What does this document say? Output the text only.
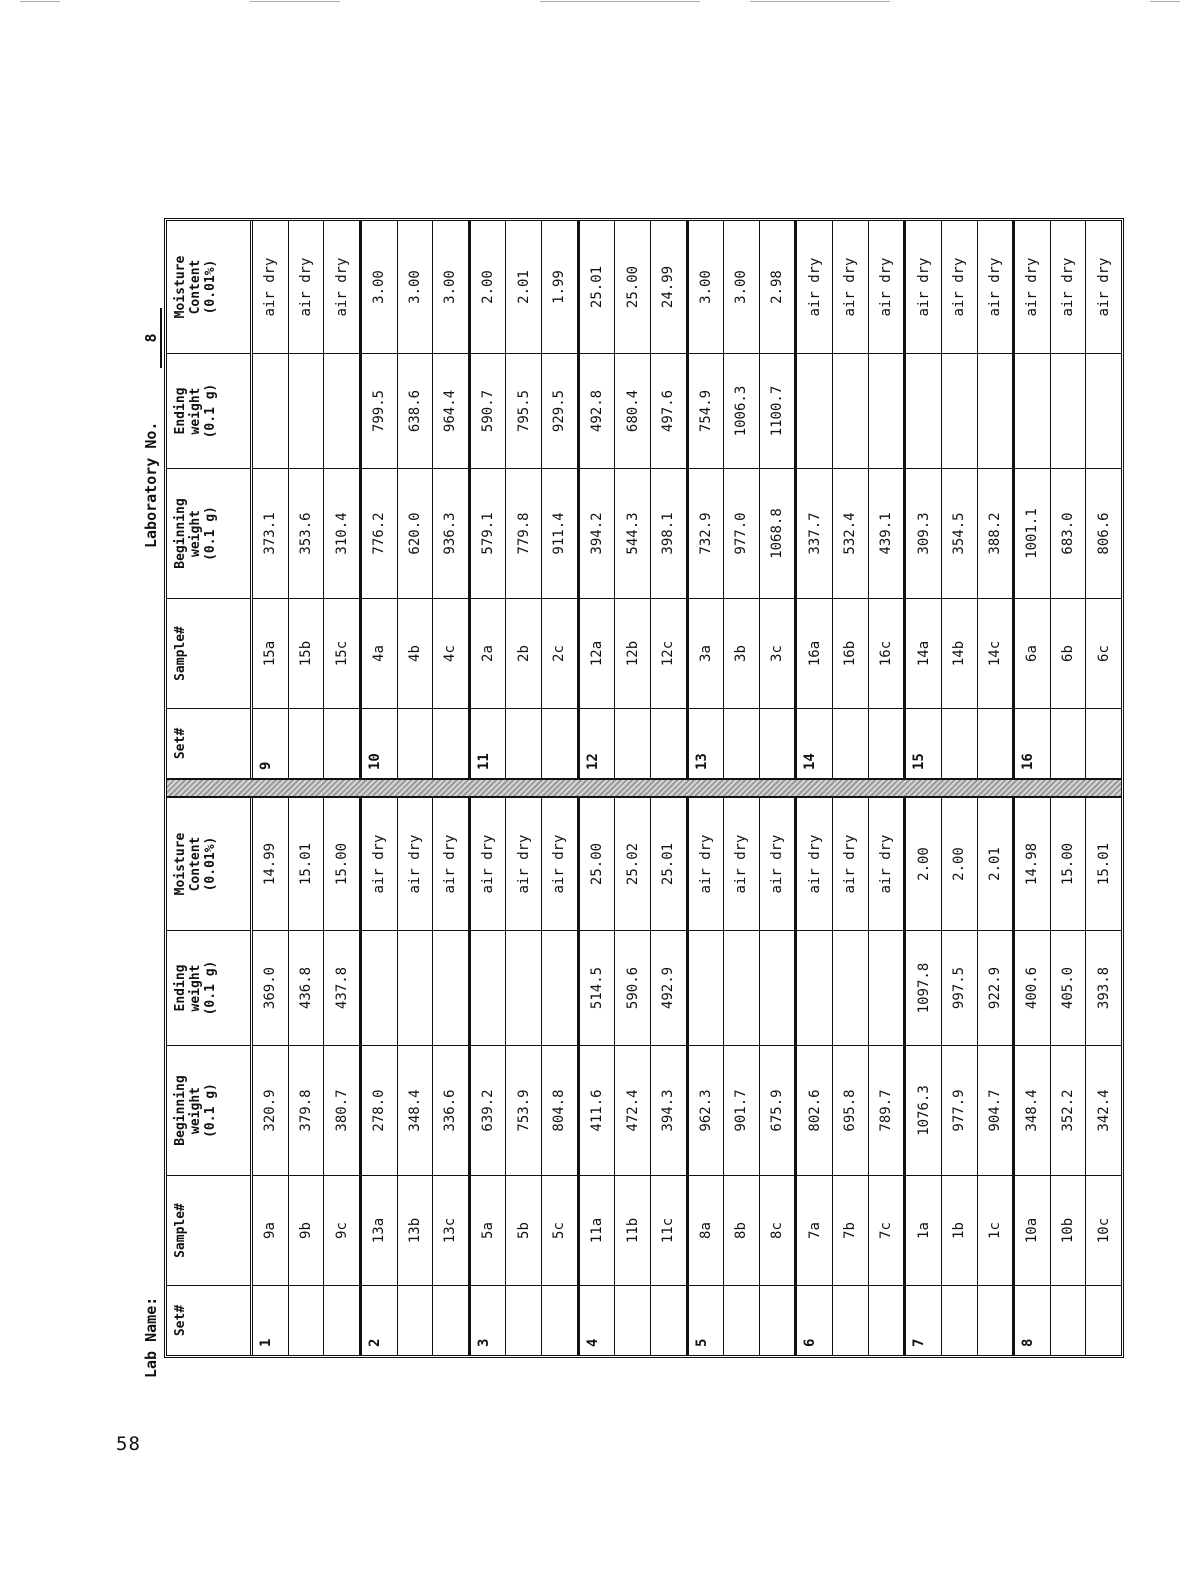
58
Lab Name:
Laboratory No.
8
Set#
Sample#
Beginning
weight
(0.1 g)
Ending
weight
(0.1 g)
Moisture
Content
(0.01%)
1
9a
320.9
369.0
14.99
9b
379.8
436.8
15.01
9c
380.7
437.8
15.00
2
13a
278.0
air dry
13b
348.4
air dry
13c
336.6
air dry
3
5a
639.2
air dry
5b
753.9
air dry
5c
804.8
air dry
4
11a
411.6
514.5
25.00
11b
472.4
590.6
25.02
11c
394.3
492.9
25.01
5
8a
962.3
air dry
8b
901.7
air dry
8c
675.9
air dry
6
7a
802.6
air dry
7b
695.8
air dry
7c
789.7
air dry
7
1a
1076.3
1097.8
2.00
1b
977.9
997.5
2.00
1c
904.7
922.9
2.01
8
10a
348.4
400.6
14.98
10b
352.2
405.0
15.00
10c
342.4
393.8
15.01
Set#
Sample#
Beginning
weight
(0.1 g)
Ending
weight
(0.1 g)
Moisture
Content
(0.01%)
9
15a
373.1
air dry
15b
353.6
air dry
15c
310.4
air dry
10
4a
776.2
799.5
3.00
4b
620.0
638.6
3.00
4c
936.3
964.4
3.00
11
2a
579.1
590.7
2.00
2b
779.8
795.5
2.01
2c
911.4
929.5
1.99
12
12a
394.2
492.8
25.01
12b
544.3
680.4
25.00
12c
398.1
497.6
24.99
13
3a
732.9
754.9
3.00
3b
977.0
1006.3
3.00
3c
1068.8
1100.7
2.98
14
16a
337.7
air dry
16b
532.4
air dry
16c
439.1
air dry
15
14a
309.3
air dry
14b
354.5
air dry
14c
388.2
air dry
16
6a
1001.1
air dry
6b
683.0
air dry
6c
806.6
air dry
